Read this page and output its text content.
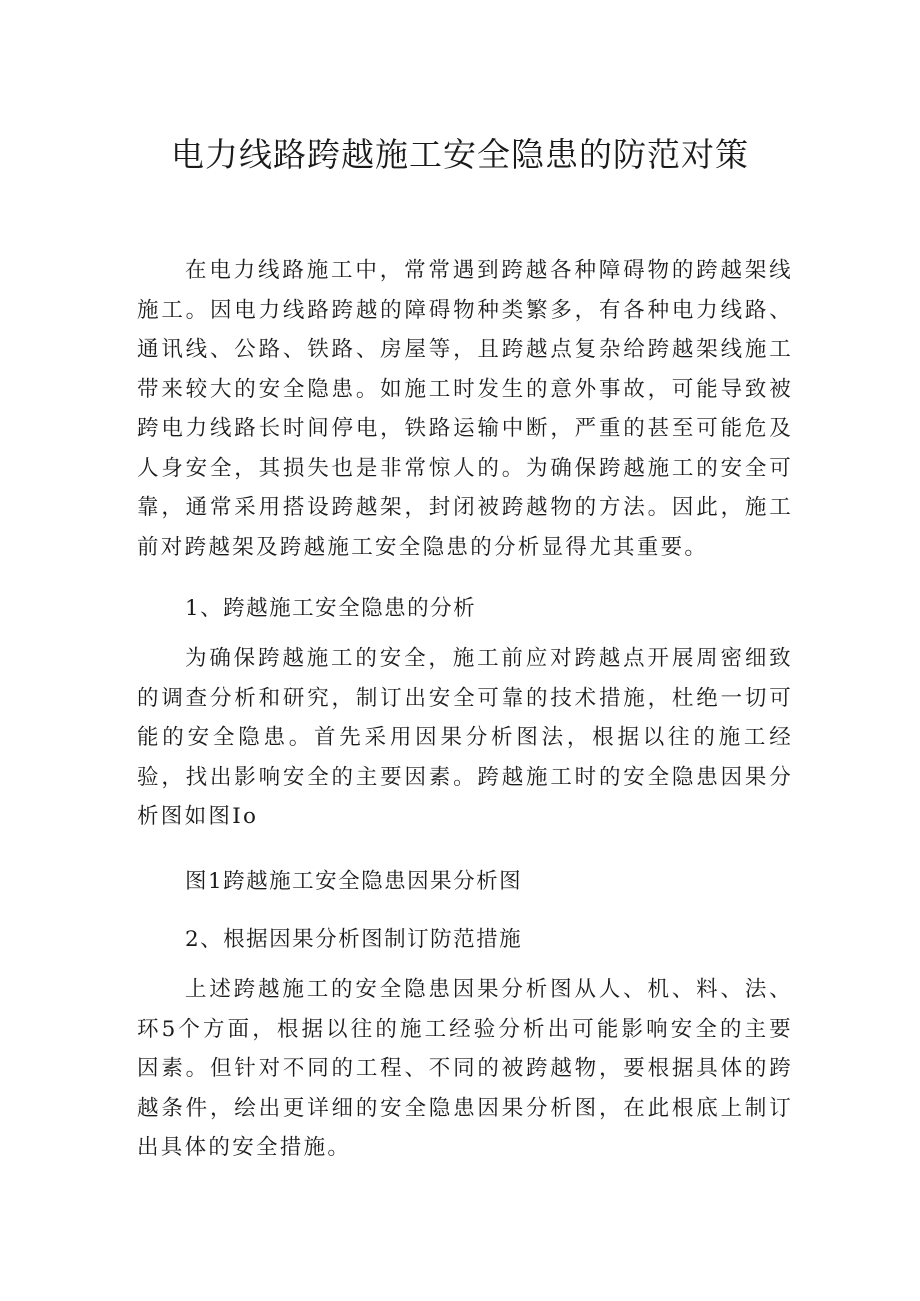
电力线路跨越施工安全隐患的防范对策

在电力线路施工中，常常遇到跨越各种障碍物的跨越架线施工。因电力线路跨越的障碍物种类繁多，有各种电力线路、通讯线、公路、铁路、房屋等，且跨越点复杂给跨越架线施工带来较大的安全隐患。如施工时发生的意外事故，可能导致被跨电力线路长时间停电，铁路运输中断，严重的甚至可能危及人身安全，其损失也是非常惊人的。为确保跨越施工的安全可靠，通常采用搭设跨越架，封闭被跨越物的方法。因此，施工前对跨越架及跨越施工安全隐患的分析显得尤其重要。

1、跨越施工安全隐患的分析

为确保跨越施工的安全，施工前应对跨越点开展周密细致的调查分析和研究，制订出安全可靠的技术措施，杜绝一切可能的安全隐患。首先采用因果分析图法，根据以往的施工经验，找出影响安全的主要因素。跨越施工时的安全隐患因果分析图如图Io

图1跨越施工安全隐患因果分析图

2、根据因果分析图制订防范措施

上述跨越施工的安全隐患因果分析图从人、机、料、法、环5个方面，根据以往的施工经验分析出可能影响安全的主要因素。但针对不同的工程、不同的被跨越物，要根据具体的跨越条件，绘出更详细的安全隐患因果分析图，在此根底上制订出具体的安全措施。
